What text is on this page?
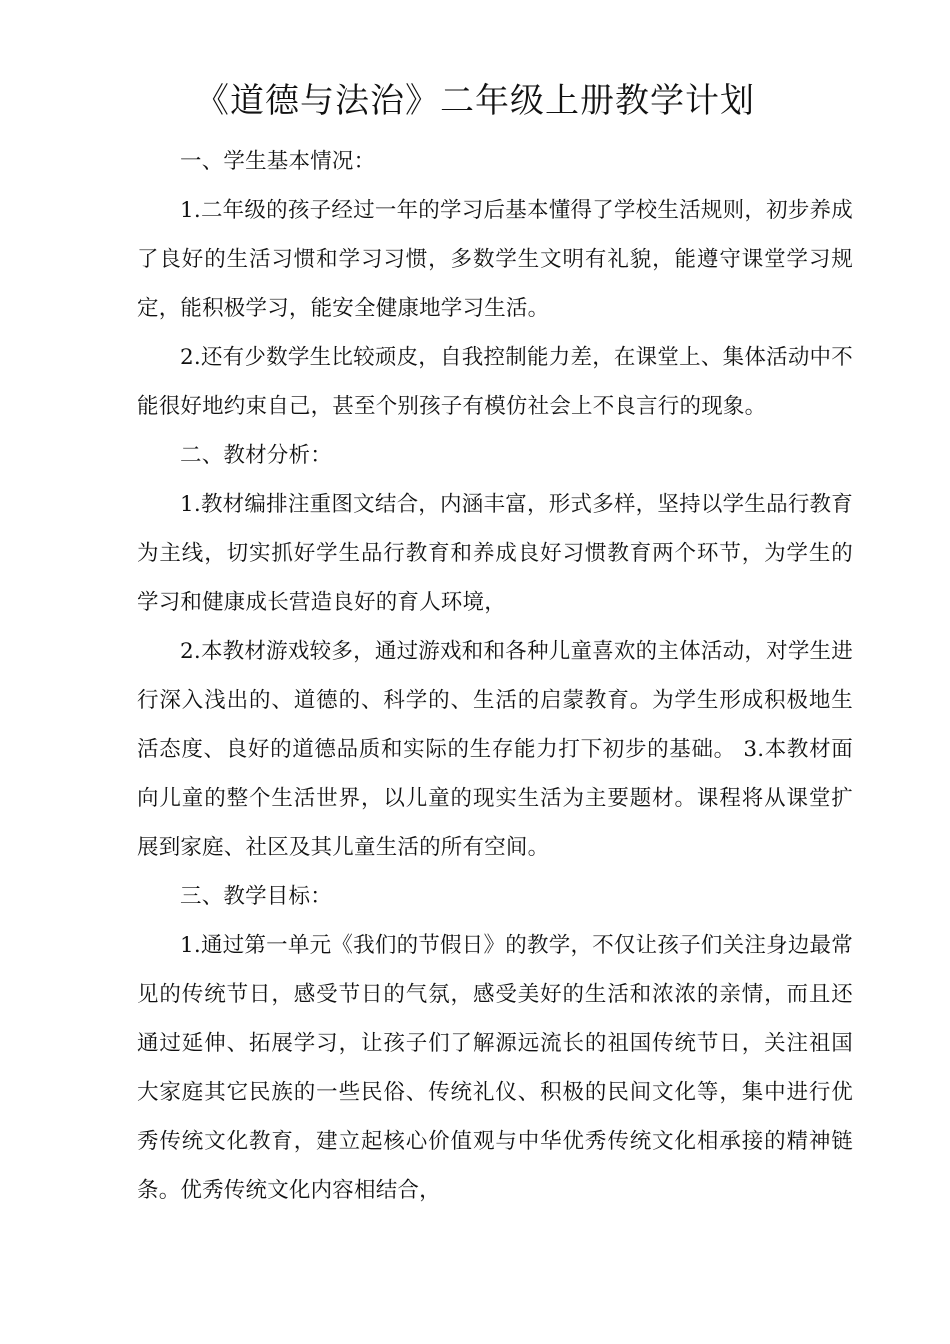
《道德与法治》二年级上册教学计划

一、学生基本情况：

1.二年级的孩子经过一年的学习后基本懂得了学校生活规则，初步养成了良好的生活习惯和学习习惯，多数学生文明有礼貌，能遵守课堂学习规定，能积极学习，能安全健康地学习生活。

2.还有少数学生比较顽皮，自我控制能力差，在课堂上、集体活动中不能很好地约束自己，甚至个别孩子有模仿社会上不良言行的现象。

二、教材分析：

1.教材编排注重图文结合，内涵丰富，形式多样，坚持以学生品行教育为主线，切实抓好学生品行教育和养成良好习惯教育两个环节，为学生的学习和健康成长营造良好的育人环境，

2.本教材游戏较多，通过游戏和和各种儿童喜欢的主体活动，对学生进行深入浅出的、道德的、科学的、生活的启蒙教育。为学生形成积极地生活态度、良好的道德品质和实际的生存能力打下初步的基础。 3.本教材面向儿童的整个生活世界，以儿童的现实生活为主要题材。课程将从课堂扩展到家庭、社区及其儿童生活的所有空间。

三、教学目标：

1.通过第一单元《我们的节假日》的教学，不仅让孩子们关注身边最常见的传统节日，感受节日的气氛，感受美好的生活和浓浓的亲情，而且还通过延伸、拓展学习，让孩子们了解源远流长的祖国传统节日，关注祖国大家庭其它民族的一些民俗、传统礼仪、积极的民间文化等，集中进行优秀传统文化教育，建立起核心价值观与中华优秀传统文化相承接的精神链条。优秀传统文化内容相结合，
